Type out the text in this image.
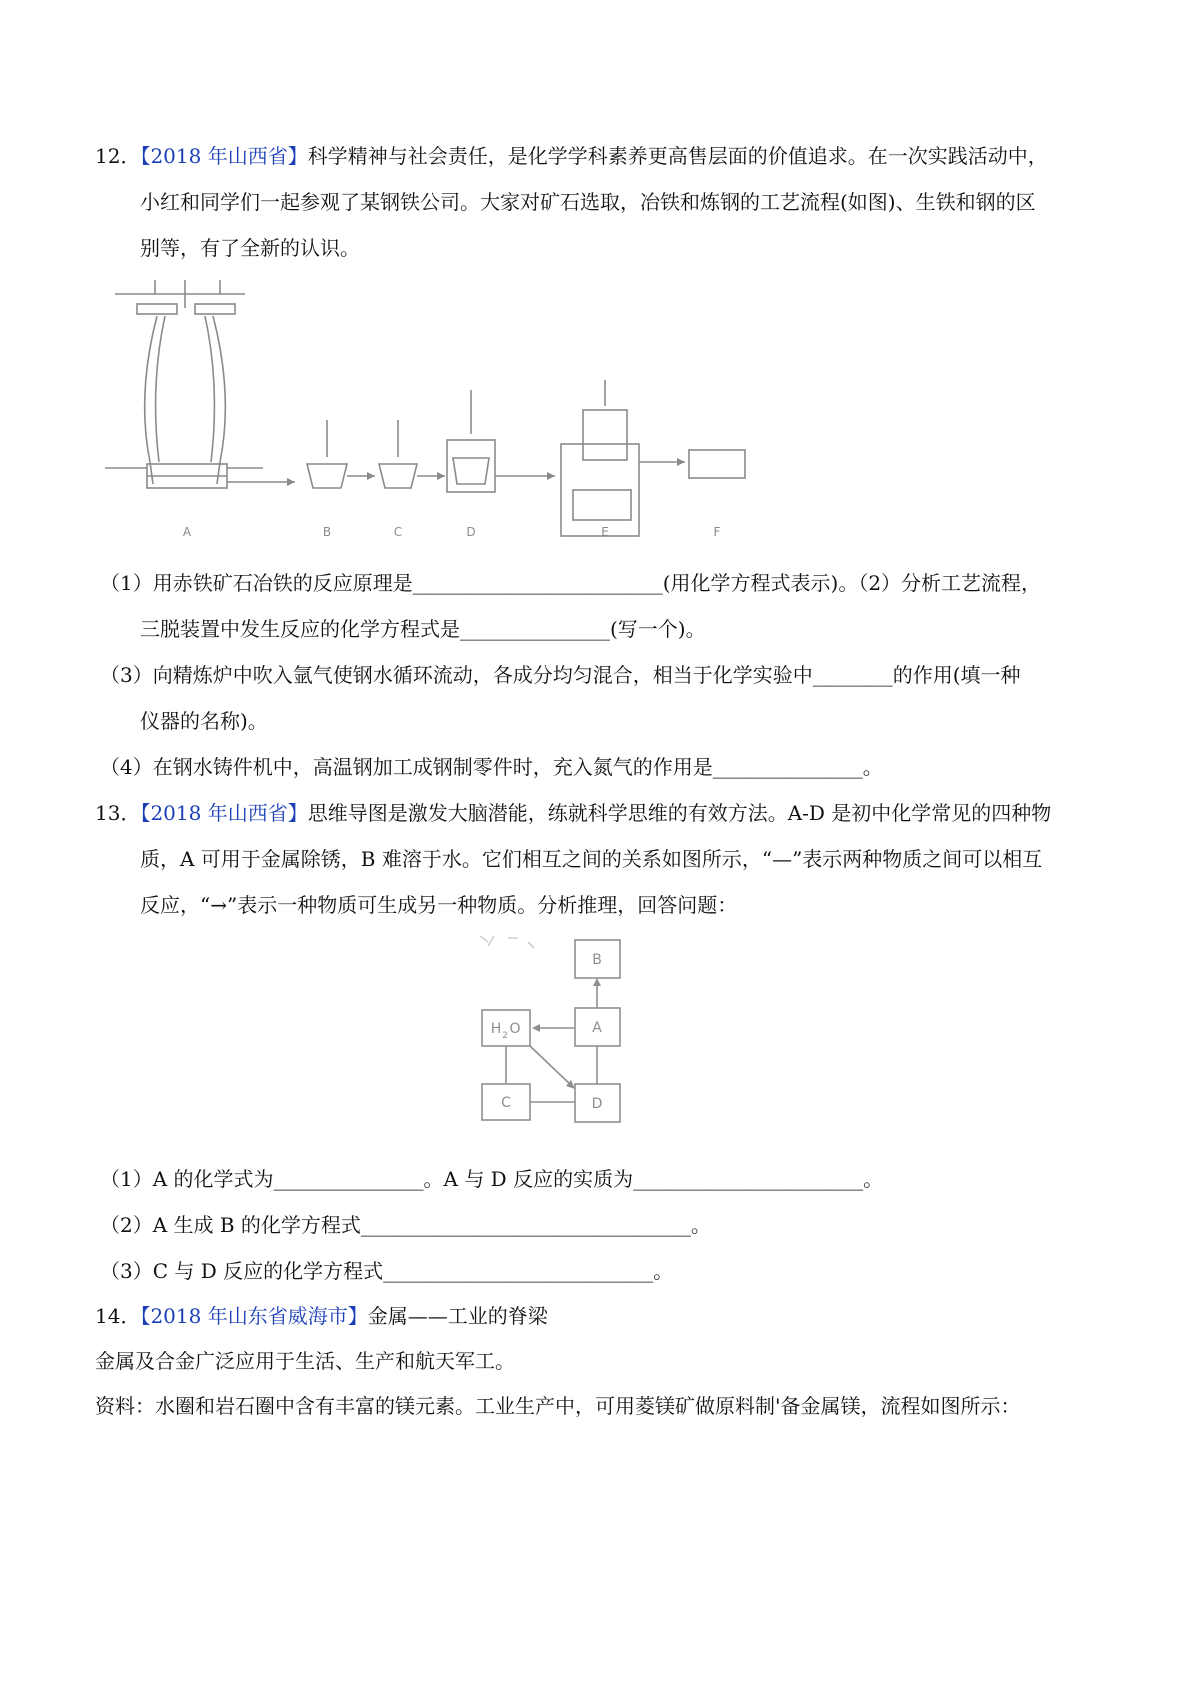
12．【2018 年山西省】科学精神与社会责任，是化学学科素养更高售层面的价值追求。在一次实践活动中，
小红和同学们一起参观了某钢铁公司。大家对矿石选取，冶铁和炼钢的工艺流程(如图)、生铁和钢的区
别等，有了全新的认识。
A	B	C	D	E	F
（1）用赤铁矿石冶铁的反应原理是_________________________(用化学方程式表示)。（2）分析工艺流程，
三脱装置中发生反应的化学方程式是_______________(写一个)。
（3）向精炼炉中吹入氩气使钢水循环流动，各成分均匀混合，相当于化学实验中________的作用(填一种
仪器的名称)。
（4）在钢水铸件机中，高温钢加工成钢制零件时，充入氮气的作用是_______________。
13．【2018 年山西省】思维导图是激发大脑潜能，练就科学思维的有效方法。A-D 是初中化学常见的四种物
质，A 可用于金属除锈，B 难溶于水。它们相互之间的关系如图所示，“—”表示两种物质之间可以相互
反应，“→”表示一种物质可生成另一种物质。分析推理，回答问题：
B
H 2 O	A
C	D
（1）A 的化学式为_______________。A 与 D 反应的实质为_______________________。
（2）A 生成 B 的化学方程式_________________________________。
（3）C 与 D 反应的化学方程式___________________________。
14．【2018 年山东省威海市】金属——工业的脊梁
金属及合金广泛应用于生活、生产和航天军工。
资料：水圈和岩石圈中含有丰富的镁元素。工业生产中，可用菱镁矿做原料制'备金属镁，流程如图所示：
